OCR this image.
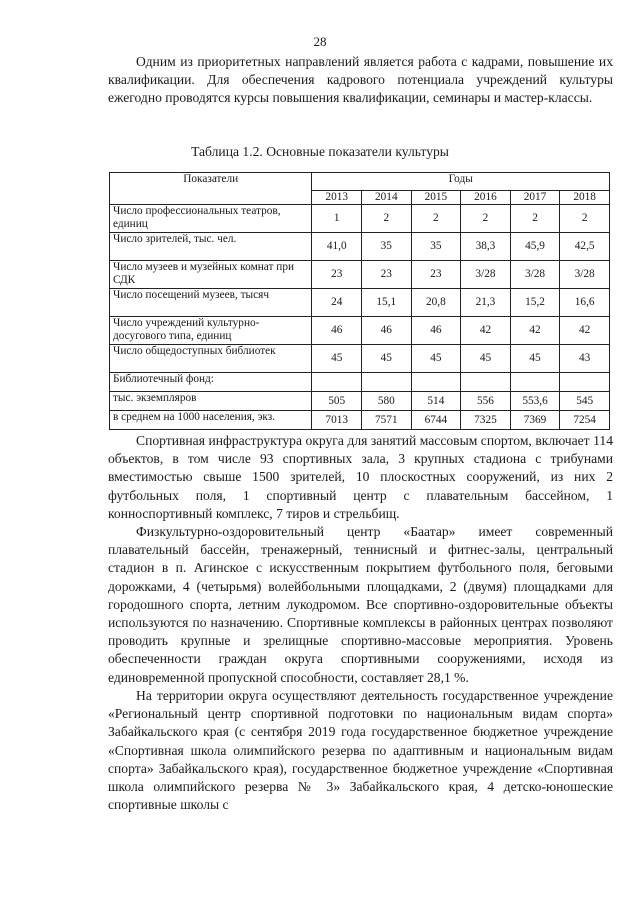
28

Одним из приоритетных направлений является работа с кадрами, повышение их квалификации. Для обеспечения кадрового потенциала учреждений культуры ежегодно проводятся курсы повышения квалификации, семинары и мастер-классы.

Таблица 1.2. Основные показатели культуры
Показатели	Годы					
	2013	2014	2015	2016	2017	2018
Число профессиональных театров, единиц	1	2	2	2	2	2
Число зрителей, тыс. чел.	41,0	35	35	38,3	45,9	42,5
Число музеев и музейных комнат при СДК	23	23	23	3/28	3/28	3/28
Число посещений музеев, тысяч	24	15,1	20,8	21,3	15,2	16,6
Число учреждений культурно-досугового типа, единиц	46	46	46	42	42	42
Число общедоступных библиотек	45	45	45	45	45	43
Библиотечный фонд:						
тыс. экземпляров	505	580	514	556	553,6	545
в среднем на 1000 населения, экз.	7013	7571	6744	7325	7369	7254

Спортивная инфраструктура округа для занятий массовым спортом, включает 114 объектов, в том числе 93 спортивных зала, 3 крупных стадиона с трибунами вместимостью свыше 1500 зрителей, 10 плоскостных сооружений, из них 2 футбольных поля, 1 спортивный центр с плавательным бассейном, 1 конноспортивный комплекс, 7 тиров и стрельбищ.

Физкультурно-оздоровительный центр «Баатар» имеет современный плавательный бассейн, тренажерный, теннисный и фитнес-залы, центральный стадион в п. Агинское с искусственным покрытием футбольного поля, беговыми дорожками, 4 (четырьмя) волейбольными площадками, 2 (двумя) площадками для городошного спорта, летним лукодромом. Все спортивно-оздоровительные объекты используются по назначению. Спортивные комплексы в районных центрах позволяют проводить крупные и зрелищные спортивно-массовые мероприятия. Уровень обеспеченности граждан округа спортивными сооружениями, исходя из единовременной пропускной способности, составляет 28,1 %.

На территории округа осуществляют деятельность государственное учреждение «Региональный центр спортивной подготовки по национальным видам спорта» Забайкальского края (с сентября 2019 года государственное бюджетное учреждение «Спортивная школа олимпийского резерва по адаптивным и национальным видам спорта» Забайкальского края), государственное бюджетное учреждение «Спортивная школа олимпийского резерва № 3» Забайкальского края, 4 детско-юношеские спортивные школы с
